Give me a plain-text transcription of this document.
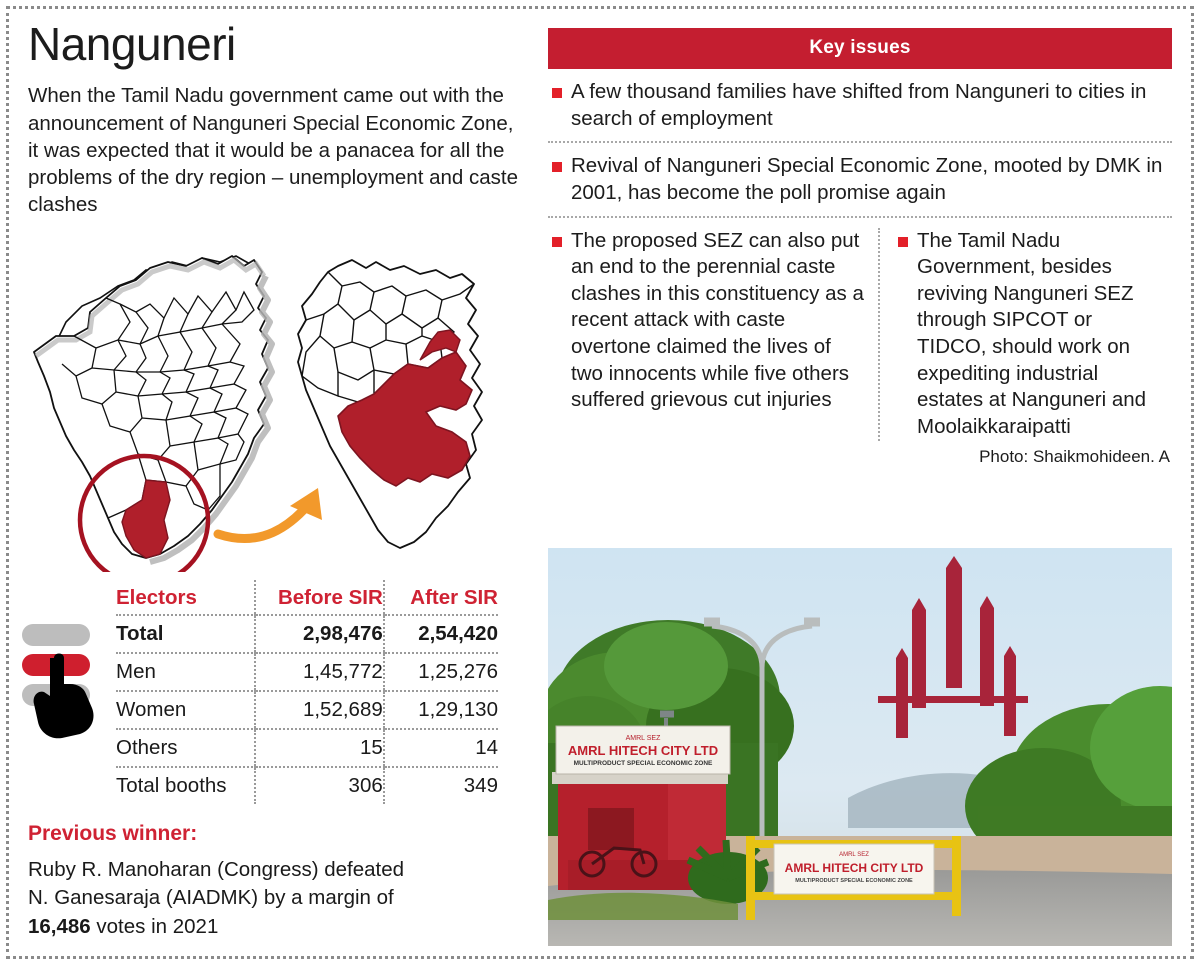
Nanguneri

When the Tamil Nadu government came out with the announcement of Nanguneri Special Economic Zone, it was expected that it would be a panacea for all the problems of the dry region – unemployment and caste clashes

Electors	Before SIR	After SIR
Total	2,98,476	2,54,420
Men	1,45,772	1,25,276
Women	1,52,689	1,29,130
Others	15	14
Total booths	306	349
Previous winner:
Ruby R. Manoharan (Congress) defeated
N. Ganesaraja (AIADMK) by a margin of
16,486 votes in 2021
Key issues
A few thousand families have shifted from Nanguneri to cities in search of employment
Revival of Nanguneri Special Economic Zone, mooted by DMK in 2001, has become the poll promise again
The proposed SEZ can also put an end to the perennial caste clashes in this constituency as a recent attack with caste overtone claimed the lives of two innocents while five others suffered grievous cut injuries
The Tamil Nadu Government, besides reviving Nanguneri SEZ through SIPCOT or TIDCO, should work on expediting industrial estates at Nanguneri and Moolaikkaraipatti
Photo: Shaikmohideen. A
AMRL SEZ
AMRL HITECH CITY LTD
MULTIPRODUCT SPECIAL ECONOMIC ZONE
AMRL SEZ
AMRL HITECH CITY LTD
MULTIPRODUCT SPECIAL ECONOMIC ZONE
